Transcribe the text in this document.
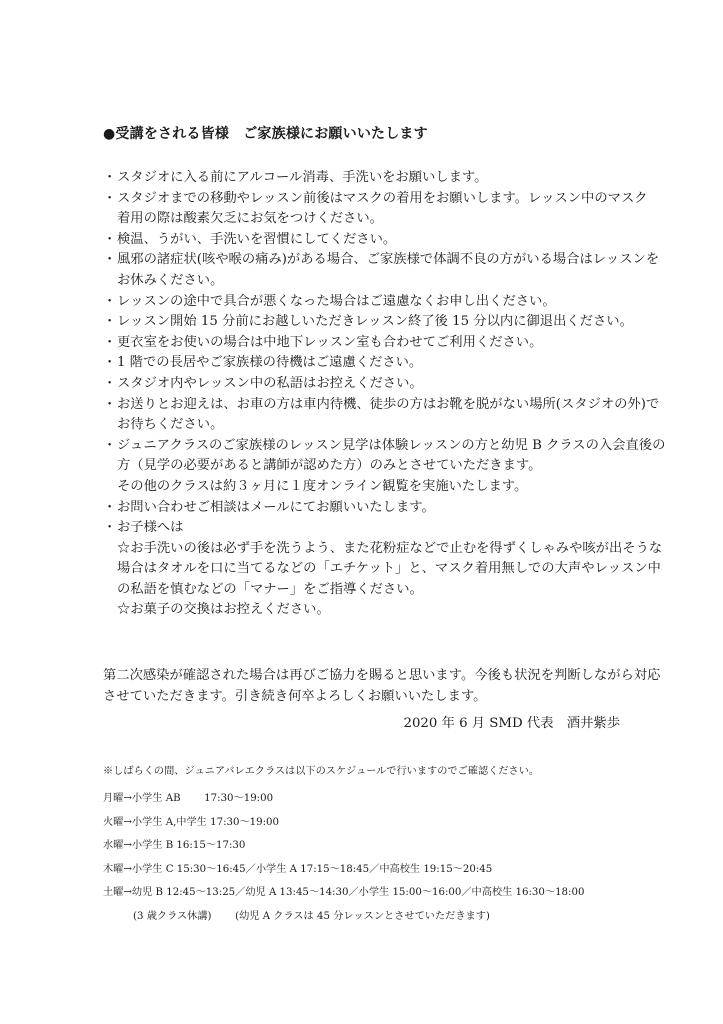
●受講をされる皆様　ご家族様にお願いいたします
・スタジオに入る前にアルコール消毒、手洗いをお願いします。
・スタジオまでの移動やレッスン前後はマスクの着用をお願いします。レッスン中のマスク
着用の際は酸素欠乏にお気をつけください。
・検温、うがい、手洗いを習慣にしてください。
・風邪の諸症状(咳や喉の痛み)がある場合、ご家族様で体調不良の方がいる場合はレッスンを
お休みください。
・レッスンの途中で具合が悪くなった場合はご遠慮なくお申し出ください。
・レッスン開始 15 分前にお越しいただきレッスン終了後 15 分以内に御退出ください。
・更衣室をお使いの場合は中地下レッスン室も合わせてご利用ください。
・1 階での長居やご家族様の待機はご遠慮ください。
・スタジオ内やレッスン中の私語はお控えください。
・お送りとお迎えは、お車の方は車内待機、徒歩の方はお靴を脱がない場所(スタジオの外)で
お待ちください。
・ジュニアクラスのご家族様のレッスン見学は体験レッスンの方と幼児 B クラスの入会直後の
方（見学の必要があると講師が認めた方）のみとさせていただきます。
その他のクラスは約３ヶ月に１度オンライン観覧を実施いたします。
・お問い合わせご相談はメールにてお願いいたします。
・お子様へは
☆お手洗いの後は必ず手を洗うよう、また花粉症などで止むを得ずくしゃみや咳が出そうな
場合はタオルを口に当てるなどの「エチケット」と、マスク着用無しでの大声やレッスン中
の私語を慎むなどの「マナー」をご指導ください。
☆お菓子の交換はお控えください。
第二次感染が確認された場合は再びご協力を賜ると思います。今後も状況を判断しながら対応
させていただきます。引き続き何卒よろしくお願いいたします。
2020 年 6 月 SMD 代表　酒井紫歩
※しばらくの間、ジュニアバレエクラスは以下のスケジュールで行いますのでご確認ください。
月曜→小学生 AB　　 17:30〜19:00
火曜→小学生 A,中学生 17:30〜19:00
水曜→小学生 B 16:15〜17:30
木曜→小学生 C 15:30〜16:45／小学生 A 17:15〜18:45／中高校生 19:15〜20:45
土曜→幼児 B 12:45〜13:25／幼児 A 13:45〜14:30／小学生 15:00〜16:00／中高校生 16:30〜18:00
(3 歳クラス休講)　　 (幼児 A クラスは 45 分レッスンとさせていただきます)
